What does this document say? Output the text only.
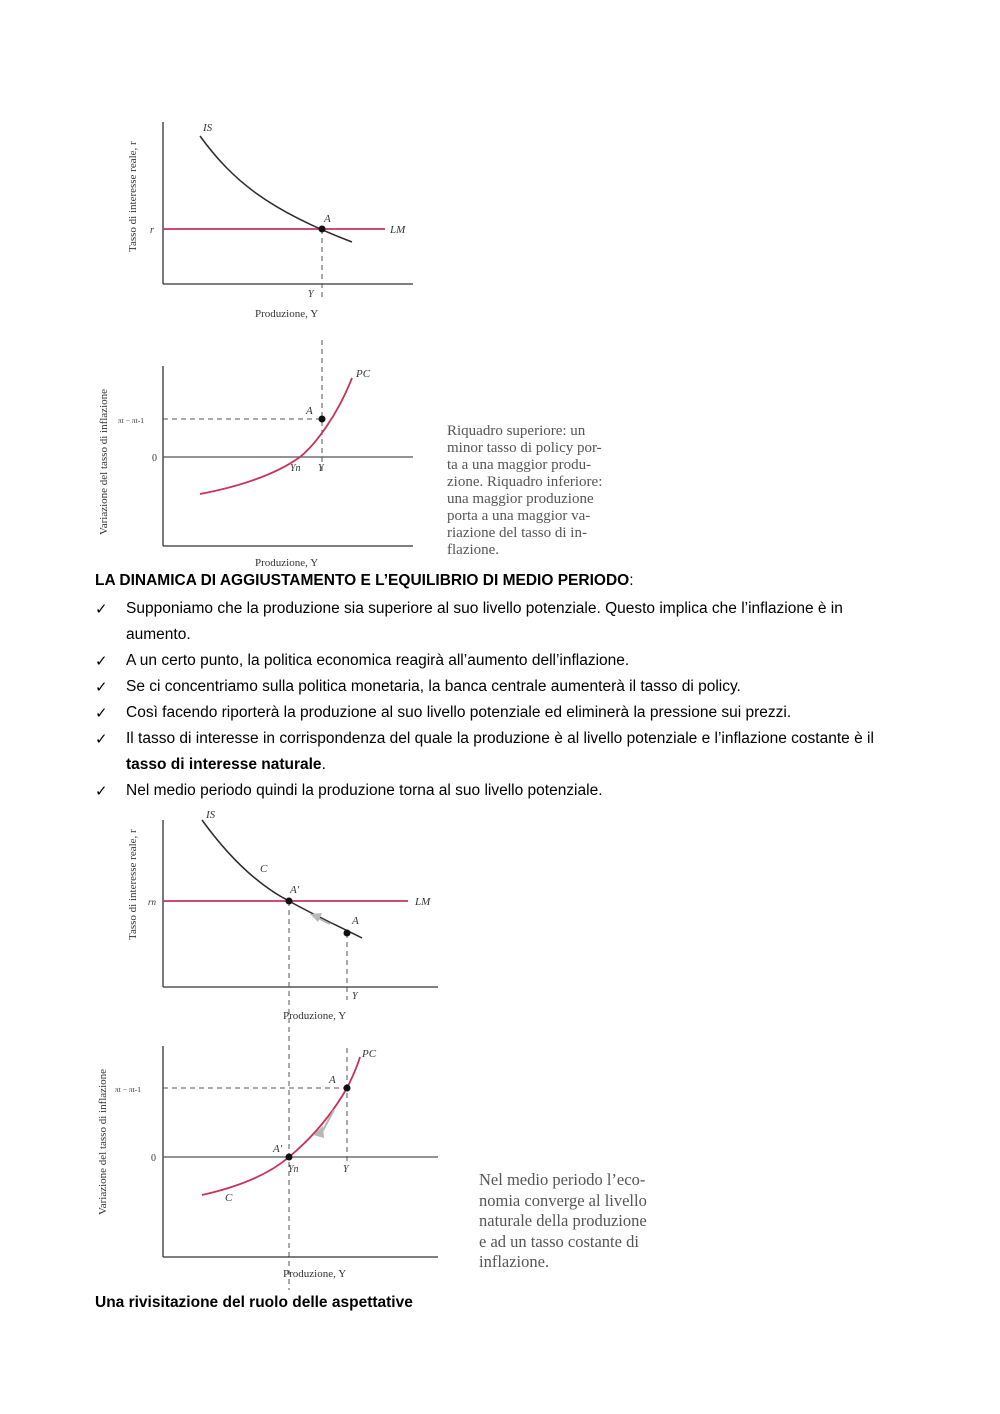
IS
LM
A
r
Y
Produzione, Y
Tasso di interesse reale, r
PC
A
πt − πt-1
0
Yn Y
Produzione, Y
Variazione del tasso di inflazione
IS
LM
C
A′
A
rn
Y
Produzione, Y
Tasso di interesse reale, r
PC
A
A′
C
πt − πt-1
0
Yn	Y
Produzione, Y
Variazione del tasso di inflazione
Riquadro superiore: un
minor tasso di policy por-
ta a una maggior produ-
zione. Riquadro inferiore:
una maggior produzione
porta a una maggior va-
riazione del tasso di in-
flazione.
Nel medio periodo l’eco-
nomia converge al livello
naturale della produzione
e ad un tasso costante di
inflazione.
LA DINAMICA DI AGGIUSTAMENTO E L’EQUILIBRIO DI MEDIO PERIODO:
✓ Supponiamo che la produzione sia superiore al suo livello potenziale. Questo implica che l’inflazione è in aumento.
✓ A un certo punto, la politica economica reagirà all’aumento dell’inflazione.
✓ Se ci concentriamo sulla politica monetaria, la banca centrale aumenterà il tasso di policy.
✓ Così facendo riporterà la produzione al suo livello potenziale ed eliminerà la pressione sui prezzi.
✓ Il tasso di interesse in corrispondenza del quale la produzione è al livello potenziale e l’inflazione costante è il tasso di interesse naturale.
✓ Nel medio periodo quindi la produzione torna al suo livello potenziale.
Una rivisitazione del ruolo delle aspettative
